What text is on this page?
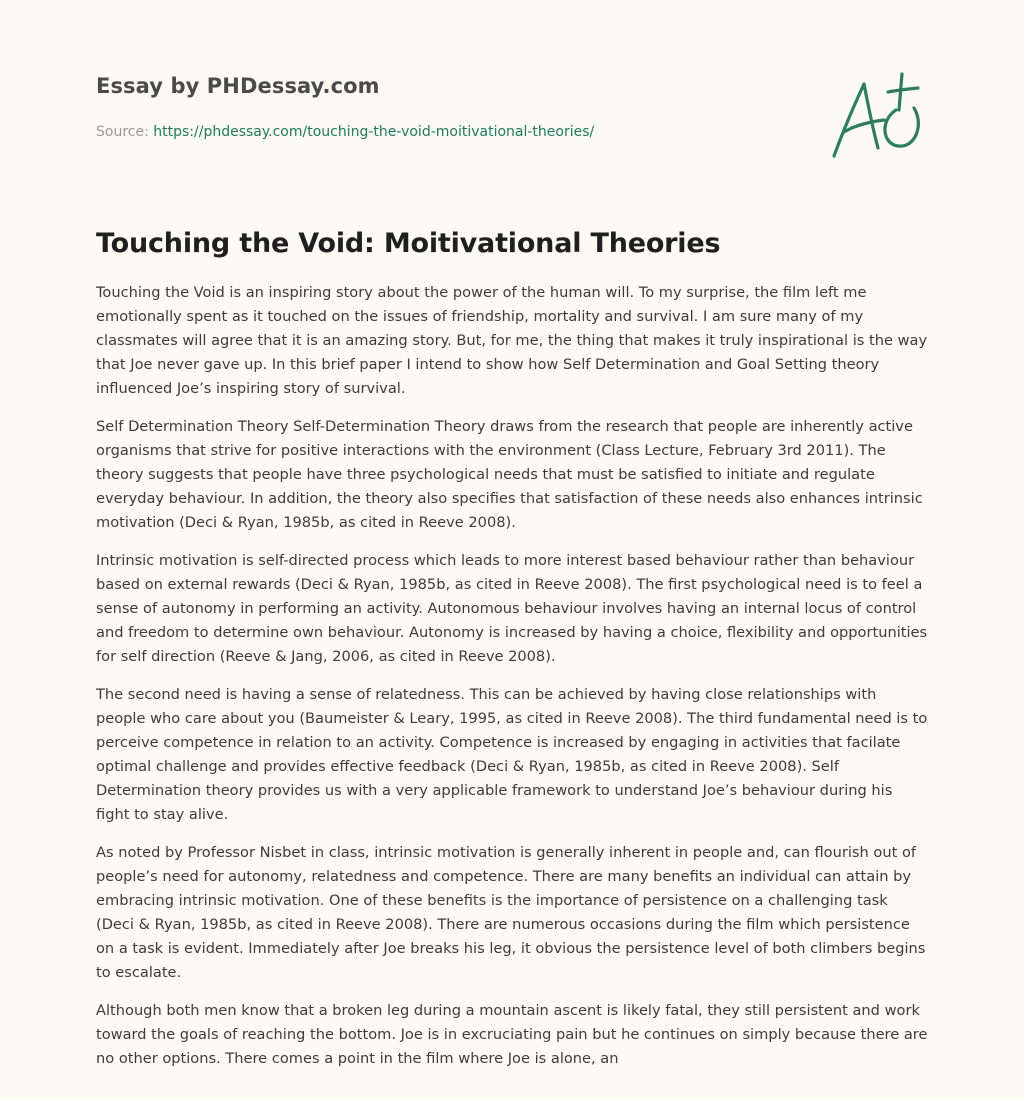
Essay by PHDessay.com
Source: https://phdessay.com/touching-the-void-moitivational-theories/
Touching the Void: Moitivational Theories

Touching the Void is an inspiring story about the power of the human will. To my surprise, the film left me emotionally spent as it touched on the issues of friendship, mortality and survival. I am sure many of my classmates will agree that it is an amazing story. But, for me, the thing that makes it truly inspirational is the way that Joe never gave up. In this brief paper I intend to show how Self Determination and Goal Setting theory influenced Joe’s inspiring story of survival.

Self Determination Theory Self-Determination Theory draws from the research that people are inherently active organisms that strive for positive interactions with the environment (Class Lecture, February 3rd 2011). The theory suggests that people have three psychological needs that must be satisfied to initiate and regulate everyday behaviour. In addition, the theory also specifies that satisfaction of these needs also enhances intrinsic motivation (Deci & Ryan, 1985b, as cited in Reeve 2008).

Intrinsic motivation is self-directed process which leads to more interest based behaviour rather than behaviour based on external rewards (Deci & Ryan, 1985b, as cited in Reeve 2008). The first psychological need is to feel a sense of autonomy in performing an activity. Autonomous behaviour involves having an internal locus of control and freedom to determine own behaviour. Autonomy is increased by having a choice, flexibility and opportunities for self direction (Reeve & Jang, 2006, as cited in Reeve 2008).

The second need is having a sense of relatedness. This can be achieved by having close relationships with people who care about you (Baumeister & Leary, 1995, as cited in Reeve 2008). The third fundamental need is to perceive competence in relation to an activity. Competence is increased by engaging in activities that facilate optimal challenge and provides effective feedback (Deci & Ryan, 1985b, as cited in Reeve 2008). Self Determination theory provides us with a very applicable framework to understand Joe’s behaviour during his fight to stay alive.

As noted by Professor Nisbet in class, intrinsic motivation is generally inherent in people and, can flourish out of people’s need for autonomy, relatedness and competence. There are many benefits an individual can attain by embracing intrinsic motivation. One of these benefits is the importance of persistence on a challenging task (Deci & Ryan, 1985b, as cited in Reeve 2008). There are numerous occasions during the film which persistence on a task is evident. Immediately after Joe breaks his leg, it obvious the persistence level of both climbers begins to escalate.

Although both men know that a broken leg during a mountain ascent is likely fatal, they still persistent and work toward the goals of reaching the bottom. Joe is in excruciating pain but he continues on simply because there are no other options. There comes a point in the film where Joe is alone, an
